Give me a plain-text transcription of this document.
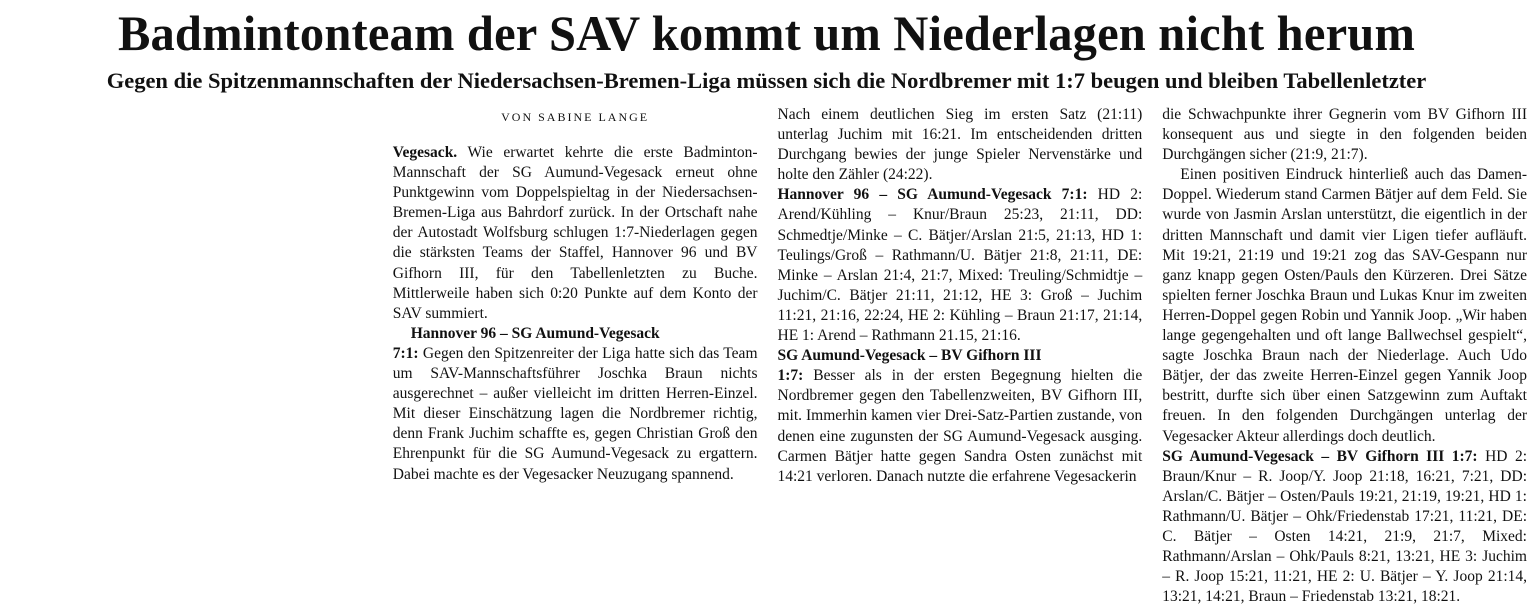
Badmintonteam der SAV kommt um Niederlagen nicht herum
Gegen die Spitzenmannschaften der Niedersachsen-Bremen-Liga müssen sich die Nordbremer mit 1:7 beugen und bleiben Tabellenletzter
VON SABINE LANGE

Vegesack. Wie erwartet kehrte die erste Badminton-Mannschaft der SG Aumund-Vegesack erneut ohne Punktgewinn vom Doppelspieltag in der Niedersachsen-Bremen-Liga aus Bahrdorf zurück. In der Ortschaft nahe der Autostadt Wolfsburg schlugen 1:7-Niederlagen gegen die stärksten Teams der Staffel, Hannover 96 und BV Gifhorn III, für den Tabellenletzten zu Buche. Mittlerweile haben sich 0:20 Punkte auf dem Konto der SAV summiert.

Hannover 96 – SG Aumund-Vegesack

7:1: Gegen den Spitzenreiter der Liga hatte sich das Team um SAV-Mannschaftsführer Joschka Braun nichts ausgerechnet – außer vielleicht im dritten Herren-Einzel. Mit dieser Einschätzung lagen die Nordbremer richtig, denn Frank Juchim schaffte es, gegen Christian Groß den Ehrenpunkt für die SG Aumund-Vegesack zu ergattern. Dabei machte es der Vegesacker Neuzugang spannend.

Nach einem deutlichen Sieg im ersten Satz (21:11) unterlag Juchim mit 16:21. Im entscheidenden dritten Durchgang bewies der junge Spieler Nervenstärke und holte den Zähler (24:22).

Hannover 96 – SG Aumund-Vegesack 7:1: HD 2: Arend/Kühling – Knur/Braun 25:23, 21:11, DD: Schmedtje/Minke – C. Bätjer/Arslan 21:5, 21:13, HD 1: Teulings/Groß – Rathmann/U. Bätjer 21:8, 21:11, DE: Minke – Arslan 21:4, 21:7, Mixed: Treuling/Schmidtje – Juchim/C. Bätjer 21:11, 21:12, HE 3: Groß – Juchim 11:21, 21:16, 22:24, HE 2: Kühling – Braun 21:17, 21:14, HE 1: Arend – Rathmann 21.15, 21:16.

SG Aumund-Vegesack – BV Gifhorn III

1:7: Besser als in der ersten Begegnung hielten die Nordbremer gegen den Tabellenzweiten, BV Gifhorn III, mit. Immerhin kamen vier Drei-Satz-Partien zustande, von denen eine zugunsten der SG Aumund-Vegesack ausging. Carmen Bätjer hatte gegen Sandra Osten zunächst mit 14:21 verloren. Danach nutzte die erfahrene Vegesackerin

die Schwachpunkte ihrer Gegnerin vom BV Gifhorn III konsequent aus und siegte in den folgenden beiden Durchgängen sicher (21:9, 21:7).

Einen positiven Eindruck hinterließ auch das Damen-Doppel. Wiederum stand Carmen Bätjer auf dem Feld. Sie wurde von Jasmin Arslan unterstützt, die eigentlich in der dritten Mannschaft und damit vier Ligen tiefer aufläuft. Mit 19:21, 21:19 und 19:21 zog das SAV-Gespann nur ganz knapp gegen Osten/Pauls den Kürzeren. Drei Sätze spielten ferner Joschka Braun und Lukas Knur im zweiten Herren-Doppel gegen Robin und Yannik Joop. „Wir haben lange gegengehalten und oft lange Ballwechsel gespielt“, sagte Joschka Braun nach der Niederlage. Auch Udo Bätjer, der das zweite Herren-Einzel gegen Yannik Joop bestritt, durfte sich über einen Satzgewinn zum Auftakt freuen. In den folgenden Durchgängen unterlag der Vegesacker Akteur allerdings doch deutlich.

SG Aumund-Vegesack – BV Gifhorn III 1:7: HD 2: Braun/Knur – R. Joop/Y. Joop 21:18, 16:21, 7:21, DD: Arslan/C. Bätjer – Osten/Pauls 19:21, 21:19, 19:21, HD 1: Rathmann/U. Bätjer – Ohk/Friedenstab 17:21, 11:21, DE: C. Bätjer – Osten 14:21, 21:9, 21:7, Mixed: Rathmann/Arslan – Ohk/Pauls 8:21, 13:21, HE 3: Juchim – R. Joop 15:21, 11:21, HE 2: U. Bätjer – Y. Joop 21:14, 13:21, 14:21, Braun – Friedenstab 13:21, 18:21.
